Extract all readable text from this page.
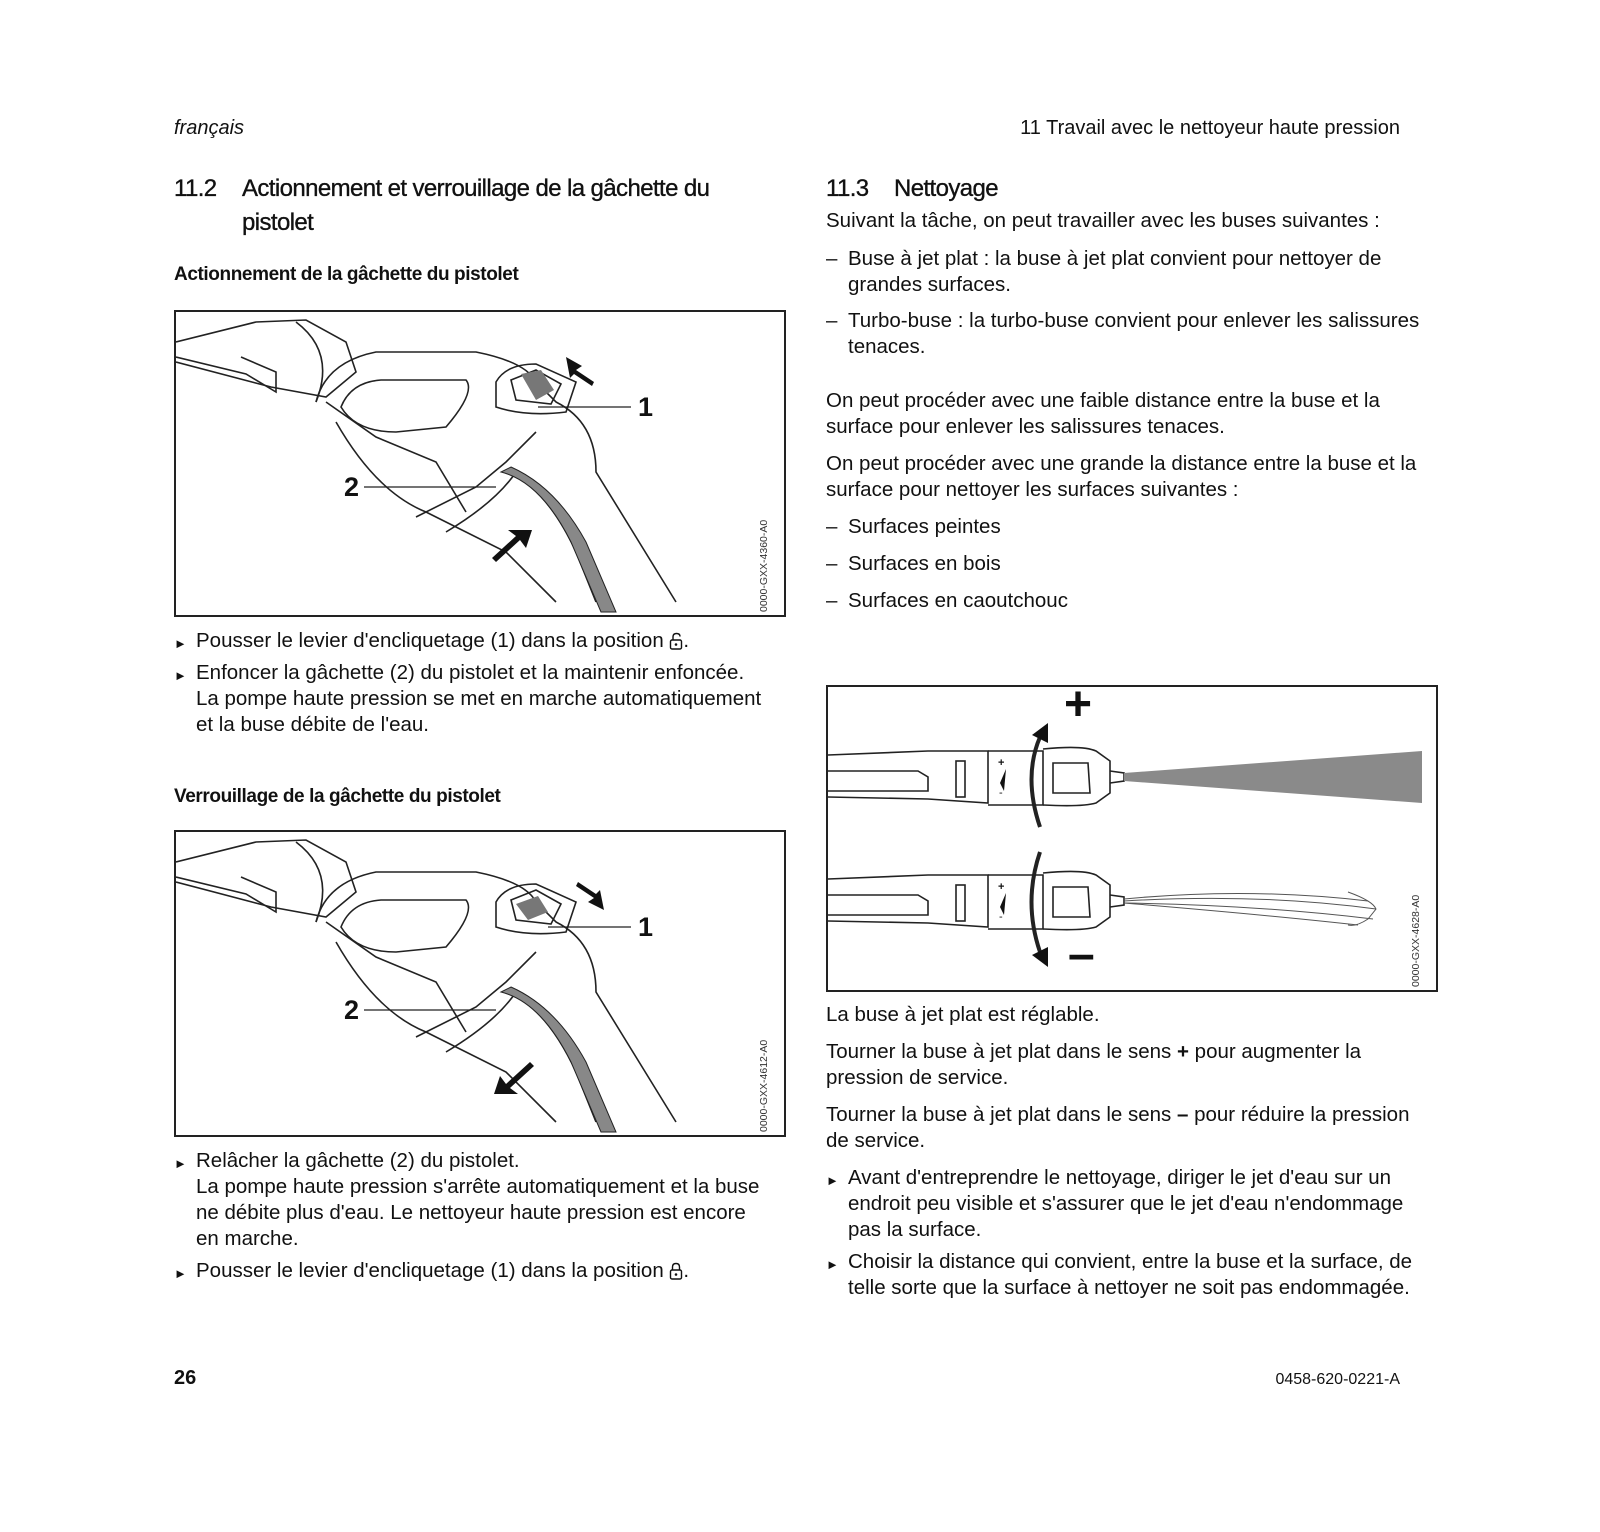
français	11 Travail avec le nettoyeur haute pression
11.2	Actionnement et verrouillage de la gâchette du pistolet
Actionnement de la gâchette du pistolet
1
2
0000-GXX-4360-A0
► Pousser le levier d'encliquetage (1) dans la position .
► Enfoncer la gâchette (2) du pistolet et la maintenir enfoncée.
La pompe haute pression se met en marche automatiquement et la buse débite de l'eau.
Verrouillage de la gâchette du pistolet
1
2
0000-GXX-4612-A0
► Relâcher la gâchette (2) du pistolet.
La pompe haute pression s'arrête automatiquement et la buse ne débite plus d'eau. Le nettoyeur haute pression est encore en marche.
► Pousser le levier d'encliquetage (1) dans la position .
11.3	Nettoyage

Suivant la tâche, on peut travailler avec les buses suivantes :

– Buse à jet plat : la buse à jet plat convient pour nettoyer de grandes surfaces.
– Turbo-buse : la turbo-buse convient pour enlever les salissures tenaces.

On peut procéder avec une faible distance entre la buse et la surface pour enlever les salissures tenaces.

On peut procéder avec une grande la distance entre la buse et la surface pour nettoyer les surfaces suivantes :

– Surfaces peintes
– Surfaces en bois
– Surfaces en caoutchouc
+
–
+
-
+
-	0000-GXX-4628-A0

La buse à jet plat est réglable.

Tourner la buse à jet plat dans le sens + pour augmenter la pression de service.

Tourner la buse à jet plat dans le sens – pour réduire la pression de service.

► Avant d'entreprendre le nettoyage, diriger le jet d'eau sur un endroit peu visible et s'assurer que le jet d'eau n'endommage pas la surface.
► Choisir la distance qui convient, entre la buse et la surface, de telle sorte que la surface à nettoyer ne soit pas endommagée.
26	0458-620-0221-A
